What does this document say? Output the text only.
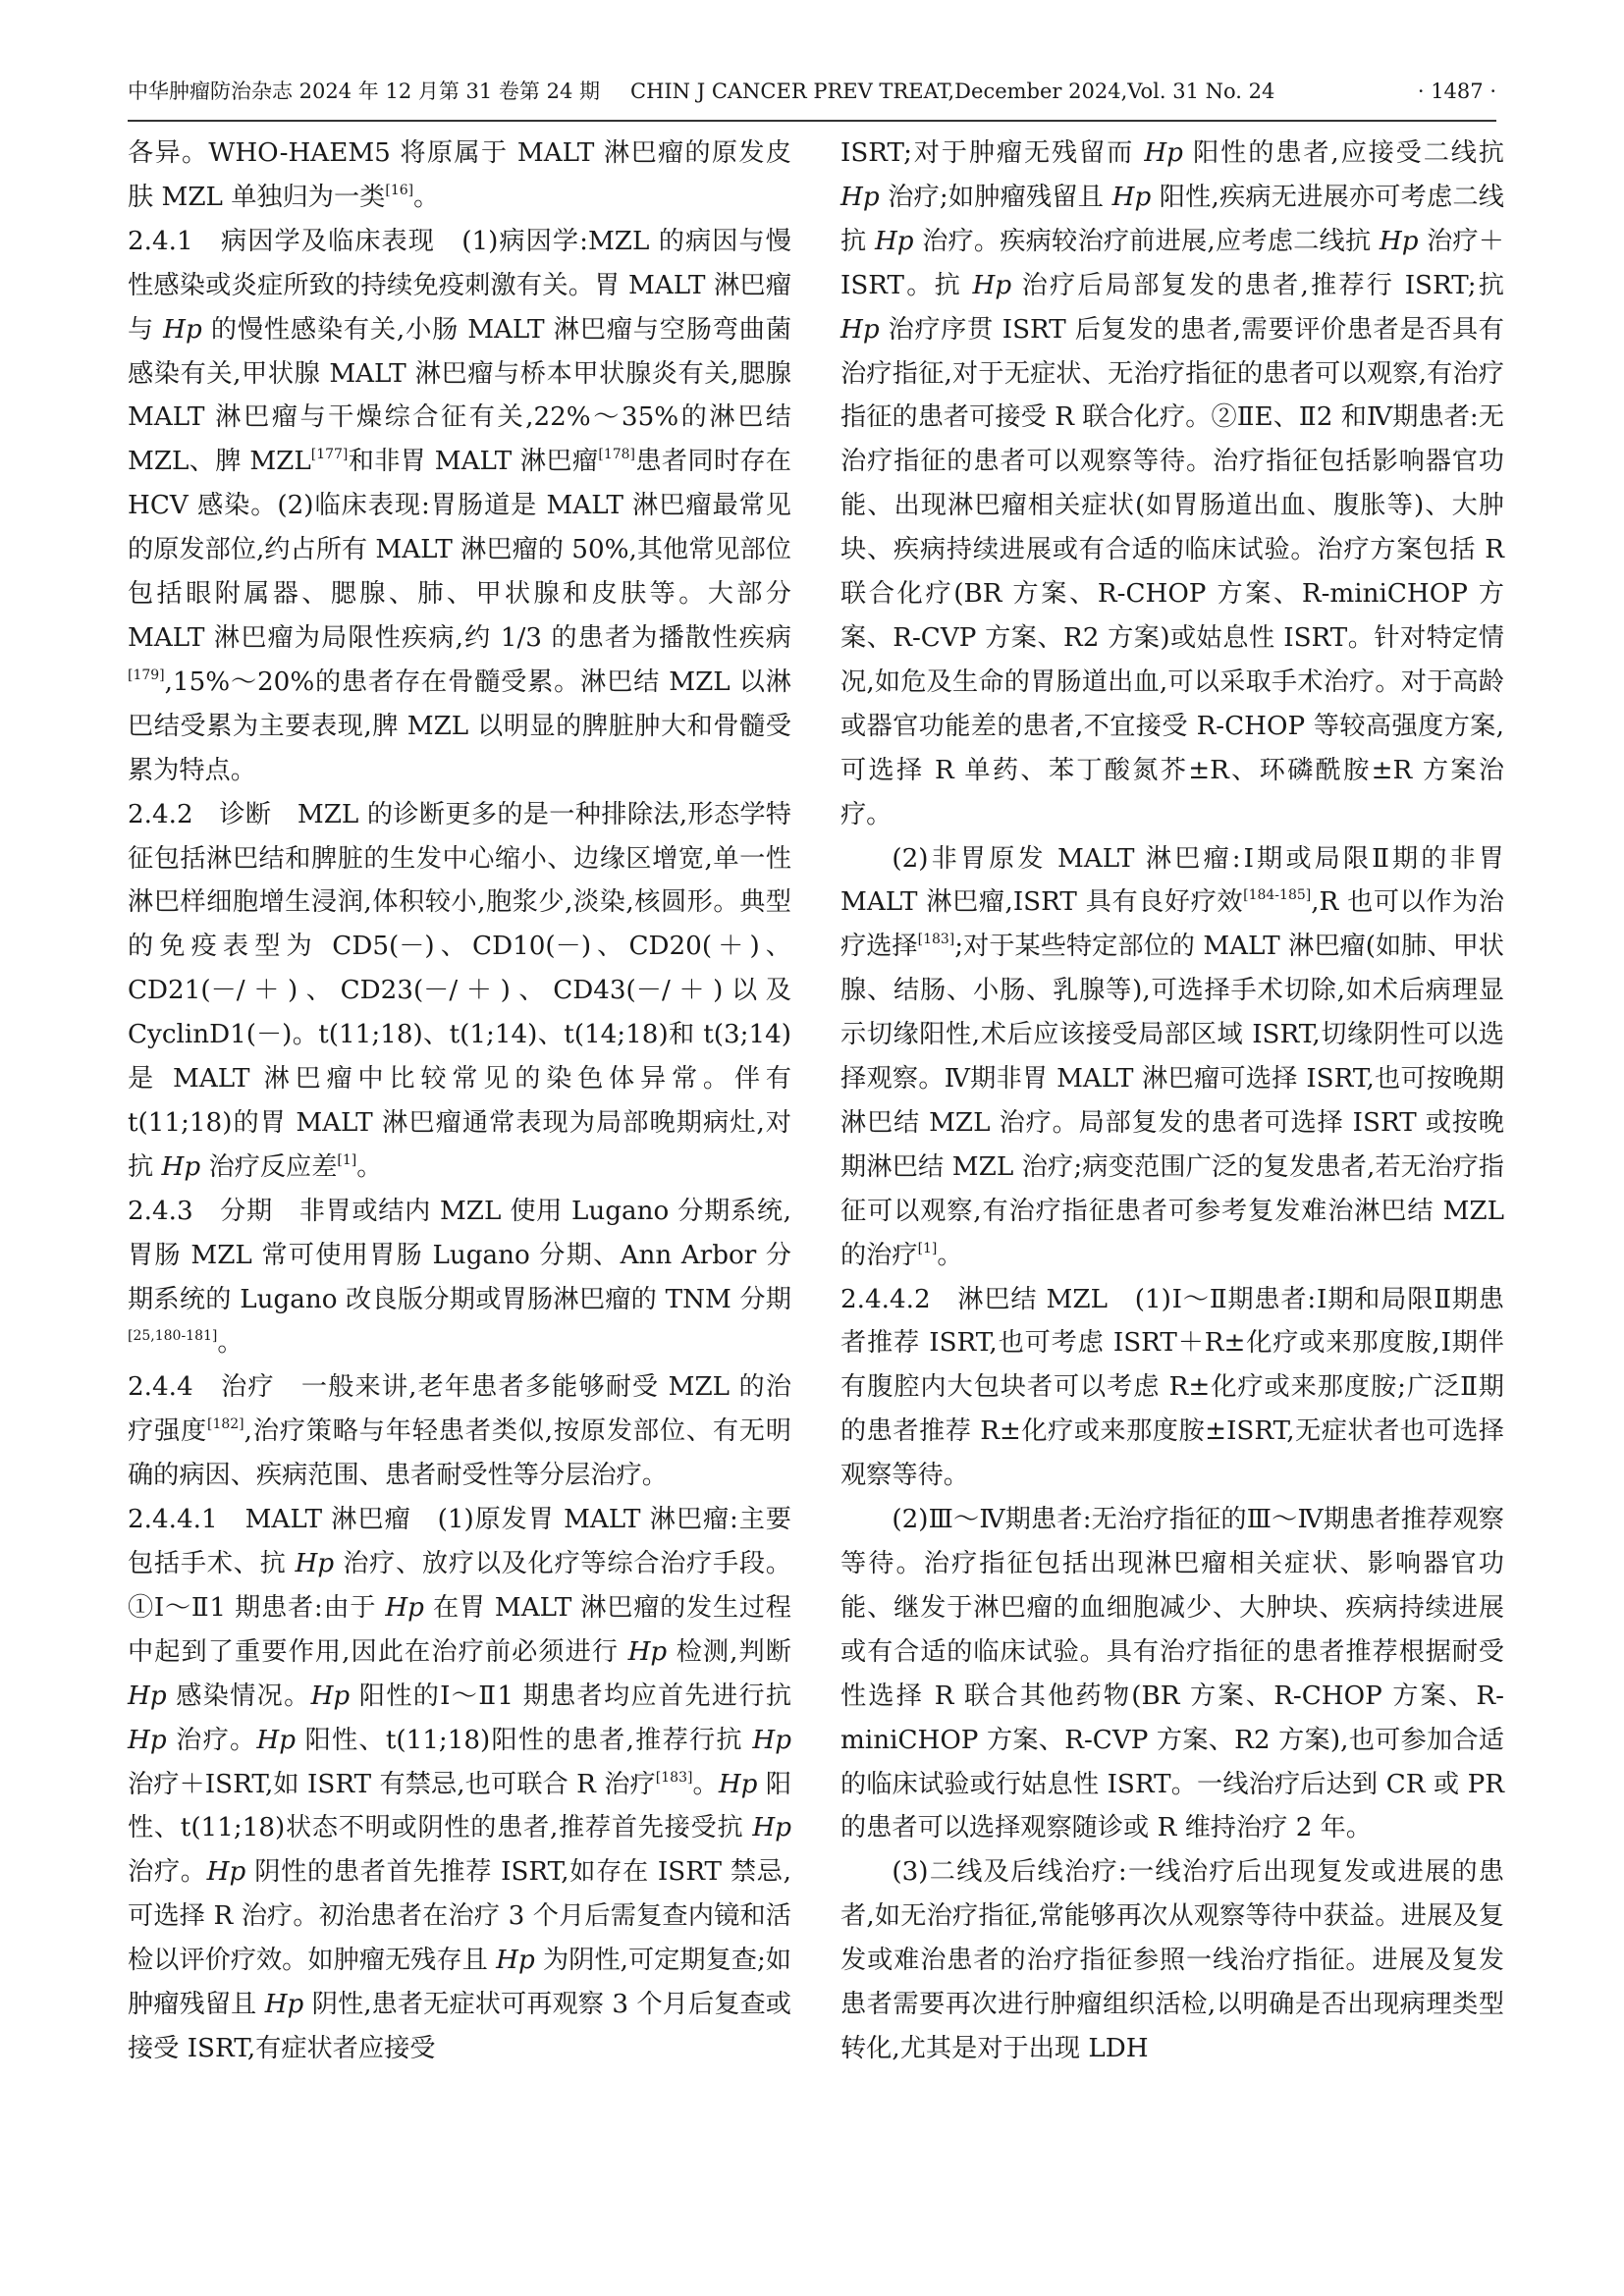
中华肿瘤防治杂志 2024 年 12 月第 31 卷第 24 期 CHIN J CANCER PREV TREAT,December 2024,Vol. 31 No. 24	· 1487 ·

各异。WHO-HAEM5 将原属于 MALT 淋巴瘤的原发皮肤 MZL 单独归为一类[16]。

2.4.1　病因学及临床表现　(1)病因学:MZL 的病因与慢性感染或炎症所致的持续免疫刺激有关。胃 MALT 淋巴瘤与 Hp 的慢性感染有关,小肠 MALT 淋巴瘤与空肠弯曲菌感染有关,甲状腺 MALT 淋巴瘤与桥本甲状腺炎有关,腮腺 MALT 淋巴瘤与干燥综合征有关,22%～35%的淋巴结 MZL、脾 MZL[177]和非胃 MALT 淋巴瘤[178]患者同时存在 HCV 感染。(2)临床表现:胃肠道是 MALT 淋巴瘤最常见的原发部位,约占所有 MALT 淋巴瘤的 50%,其他常见部位包括眼附属器、腮腺、肺、甲状腺和皮肤等。大部分 MALT 淋巴瘤为局限性疾病,约 1/3 的患者为播散性疾病[179],15%～20%的患者存在骨髓受累。淋巴结 MZL 以淋巴结受累为主要表现,脾 MZL 以明显的脾脏肿大和骨髓受累为特点。

2.4.2　诊断　MZL 的诊断更多的是一种排除法,形态学特征包括淋巴结和脾脏的生发中心缩小、边缘区增宽,单一性淋巴样细胞增生浸润,体积较小,胞浆少,淡染,核圆形。典型的免疫表型为 CD5(－)、CD10(－)、CD20(＋)、CD21(－/＋)、CD23(－/＋)、CD43(－/＋)以及 CyclinD1(－)。t(11;18)、t(1;14)、t(14;18)和 t(3;14)是 MALT 淋巴瘤中比较常见的染色体异常。伴有 t(11;18)的胃 MALT 淋巴瘤通常表现为局部晚期病灶,对抗 Hp 治疗反应差[1]。

2.4.3　分期　非胃或结内 MZL 使用 Lugano 分期系统,胃肠 MZL 常可使用胃肠 Lugano 分期、Ann Arbor 分期系统的 Lugano 改良版分期或胃肠淋巴瘤的 TNM 分期[25,180-181]。

2.4.4　治疗　一般来讲,老年患者多能够耐受 MZL 的治疗强度[182],治疗策略与年轻患者类似,按原发部位、有无明确的病因、疾病范围、患者耐受性等分层治疗。

2.4.4.1　MALT 淋巴瘤　(1)原发胃 MALT 淋巴瘤:主要包括手术、抗 Hp 治疗、放疗以及化疗等综合治疗手段。①Ⅰ～Ⅱ1 期患者:由于 Hp 在胃 MALT 淋巴瘤的发生过程中起到了重要作用,因此在治疗前必须进行 Hp 检测,判断 Hp 感染情况。Hp 阳性的Ⅰ～Ⅱ1 期患者均应首先进行抗 Hp 治疗。Hp 阳性、t(11;18)阳性的患者,推荐行抗 Hp 治疗＋ISRT,如 ISRT 有禁忌,也可联合 R 治疗[183]。Hp 阳性、t(11;18)状态不明或阴性的患者,推荐首先接受抗 Hp 治疗。Hp 阴性的患者首先推荐 ISRT,如存在 ISRT 禁忌,可选择 R 治疗。初治患者在治疗 3 个月后需复查内镜和活检以评价疗效。如肿瘤无残存且 Hp 为阴性,可定期复查;如肿瘤残留且 Hp 阴性,患者无症状可再观察 3 个月后复查或接受 ISRT,有症状者应接受

ISRT;对于肿瘤无残留而 Hp 阳性的患者,应接受二线抗 Hp 治疗;如肿瘤残留且 Hp 阳性,疾病无进展亦可考虑二线抗 Hp 治疗。疾病较治疗前进展,应考虑二线抗 Hp 治疗＋ISRT。抗 Hp 治疗后局部复发的患者,推荐行 ISRT;抗 Hp 治疗序贯 ISRT 后复发的患者,需要评价患者是否具有治疗指征,对于无症状、无治疗指征的患者可以观察,有治疗指征的患者可接受 R 联合化疗。②ⅡE、Ⅱ2 和Ⅳ期患者:无治疗指征的患者可以观察等待。治疗指征包括影响器官功能、出现淋巴瘤相关症状(如胃肠道出血、腹胀等)、大肿块、疾病持续进展或有合适的临床试验。治疗方案包括 R 联合化疗(BR 方案、R-CHOP 方案、R-miniCHOP 方案、R-CVP 方案、R2 方案)或姑息性 ISRT。针对特定情况,如危及生命的胃肠道出血,可以采取手术治疗。对于高龄或器官功能差的患者,不宜接受 R-CHOP 等较高强度方案,可选择 R 单药、苯丁酸氮芥±R、环磷酰胺±R 方案治疗。

(2)非胃原发 MALT 淋巴瘤:Ⅰ期或局限Ⅱ期的非胃 MALT 淋巴瘤,ISRT 具有良好疗效[184-185],R 也可以作为治疗选择[183];对于某些特定部位的 MALT 淋巴瘤(如肺、甲状腺、结肠、小肠、乳腺等),可选择手术切除,如术后病理显示切缘阳性,术后应该接受局部区域 ISRT,切缘阴性可以选择观察。Ⅳ期非胃 MALT 淋巴瘤可选择 ISRT,也可按晚期淋巴结 MZL 治疗。局部复发的患者可选择 ISRT 或按晚期淋巴结 MZL 治疗;病变范围广泛的复发患者,若无治疗指征可以观察,有治疗指征患者可参考复发难治淋巴结 MZL 的治疗[1]。

2.4.4.2　淋巴结 MZL　(1)Ⅰ～Ⅱ期患者:Ⅰ期和局限Ⅱ期患者推荐 ISRT,也可考虑 ISRT＋R±化疗或来那度胺,Ⅰ期伴有腹腔内大包块者可以考虑 R±化疗或来那度胺;广泛Ⅱ期的患者推荐 R±化疗或来那度胺±ISRT,无症状者也可选择观察等待。

(2)Ⅲ～Ⅳ期患者:无治疗指征的Ⅲ～Ⅳ期患者推荐观察等待。治疗指征包括出现淋巴瘤相关症状、影响器官功能、继发于淋巴瘤的血细胞减少、大肿块、疾病持续进展或有合适的临床试验。具有治疗指征的患者推荐根据耐受性选择 R 联合其他药物(BR 方案、R-CHOP 方案、R-miniCHOP 方案、R-CVP 方案、R2 方案),也可参加合适的临床试验或行姑息性 ISRT。一线治疗后达到 CR 或 PR 的患者可以选择观察随诊或 R 维持治疗 2 年。

(3)二线及后线治疗:一线治疗后出现复发或进展的患者,如无治疗指征,常能够再次从观察等待中获益。进展及复发或难治患者的治疗指征参照一线治疗指征。进展及复发患者需要再次进行肿瘤组织活检,以明确是否出现病理类型转化,尤其是对于出现 LDH
